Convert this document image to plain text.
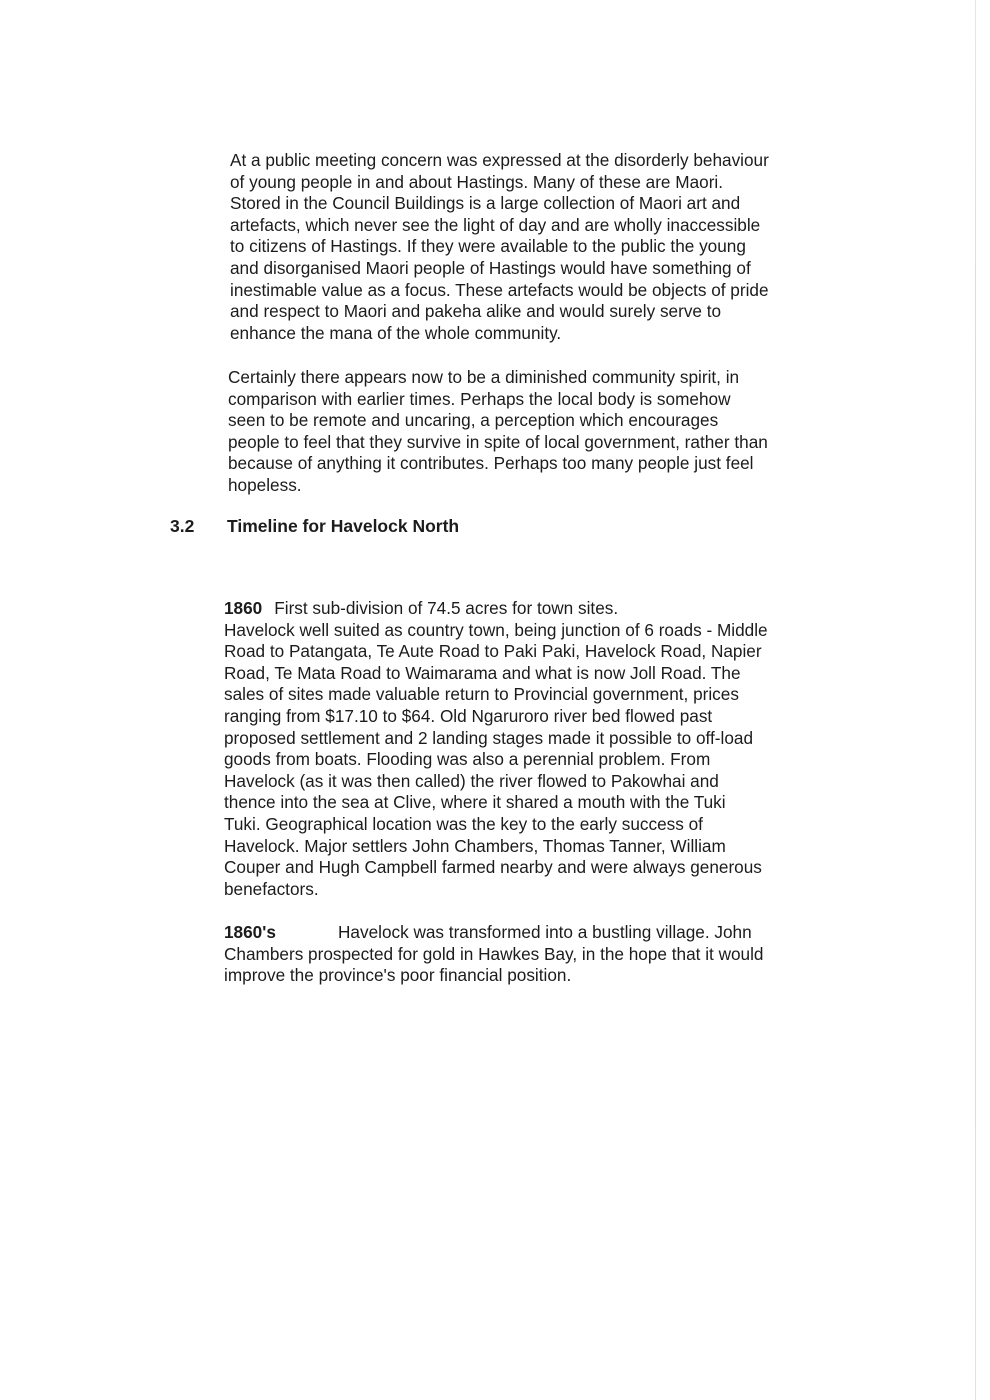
At a public meeting concern was expressed at the disorderly behaviour
of young people in and about Hastings. Many of these are Maori.
Stored in the Council Buildings is a large collection of Maori art and
artefacts, which never see the light of day and are wholly inaccessible
to citizens of Hastings. If they were available to the public the young
and disorganised Maori people of Hastings would have something of
inestimable value as a focus. These artefacts would be objects of pride
and respect to Maori and pakeha alike and would surely serve to
enhance the mana of the whole community.

Certainly there appears now to be a diminished community spirit, in
comparison with earlier times. Perhaps the local body is somehow
seen to be remote and uncaring, a perception which encourages
people to feel that they survive in spite of local government, rather than
because of anything it contributes. Perhaps too many people just feel
hopeless.

3.2 Timeline for Havelock North

1860 First sub-division of 74.5 acres for town sites.
Havelock well suited as country town, being junction of 6 roads - Middle
Road to Patangata, Te Aute Road to Paki Paki, Havelock Road, Napier
Road, Te Mata Road to Waimarama and what is now Joll Road. The
sales of sites made valuable return to Provincial government, prices
ranging from $17.10 to $64. Old Ngaruroro river bed flowed past
proposed settlement and 2 landing stages made it possible to off-load
goods from boats. Flooding was also a perennial problem. From
Havelock (as it was then called) the river flowed to Pakowhai and
thence into the sea at Clive, where it shared a mouth with the Tuki
Tuki. Geographical location was the key to the early success of
Havelock. Major settlers John Chambers, Thomas Tanner, William
Couper and Hugh Campbell farmed nearby and were always generous
benefactors.

1860's	Havelock was transformed into a bustling village. John
Chambers prospected for gold in Hawkes Bay, in the hope that it would
improve the province's poor financial position.
